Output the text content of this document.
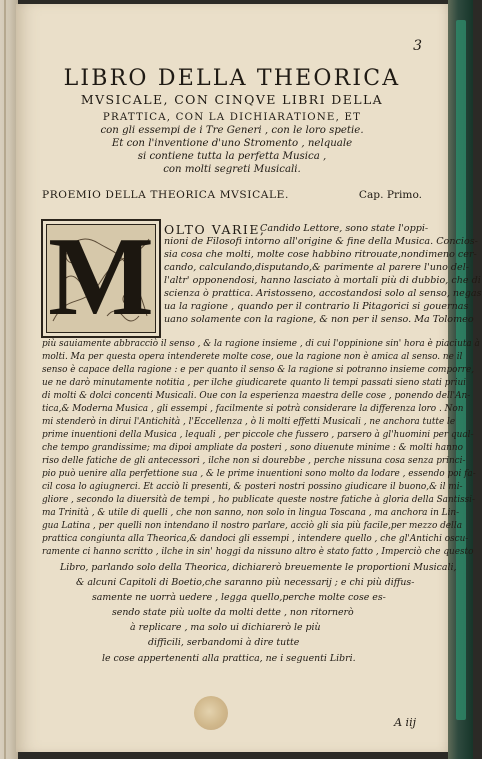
3
LIBRO DELLA THEORICA
MVSICALE, CON CINQVE LIBRI DELLA
PRATTICA, CON LA DICHIARATIONE, ET
con gli essempi de i Tre Generi , con le loro spetie.
Et con l'inventione d'uno Stromento , nelquale
si contiene tutta la perfetta Musica ,
con molti segreti Musicali.
PROEMIO DELLA THEORICA MVSICALE.	Cap. Primo.
M OLTO VARIE,
Candido Lettore, sono state l'oppi-
nioni de Filosofi intorno all'origine & fine della Musica. Concios-
sia cosa che molti, molte cose habbino ritrouate,nondimeno cer-
cando, calculando,disputando,& parimente al parere l'uno del-
l'altr' opponendosi, hanno lasciato à mortali più di dubbio, che di
scienza ò prattica. Aristosseno, accostandosi solo al senso, negas
ua la ragione , quando per il contrario li Pitagorici si gouernas
uano solamente con la ragione, & non per il senso. Ma Tolomeo
più sauiamente abbracciò il senso , & la ragione insieme , di cui l'oppinione sin' hora è piaciuta à
molti. Ma per questa opera intenderete molte cose, oue la ragione non è amica al senso. ne il
senso è capace della ragione : e per quanto il senso & la ragione si potranno insieme comporre,
ue ne darò minutamente notitia , per ilche giudicarete quanto li tempi passati sieno stati priui
di molti & dolci concenti Musicali. Oue con la esperienza maestra delle cose , ponendo dell'An-
tica,& Moderna Musica , gli essempi , facilmente si potrà considerare la differenza loro . Non
mi stenderò in dirui l'Antichità , l'Eccellenza , ò li molti effetti Musicali , ne anchora tutte le
prime inuentioni della Musica , lequali , per piccole che fussero , parsero à gl'huomini per qual-
che tempo grandissime; ma dipoi ampliate da posteri , sono diuenute minime : & molti hanno
riso delle fatiche de gli antecessori , ilche non si dourebbe , perche nissuna cosa senza princi-
pio può uenire alla perfettione sua , & le prime inuentioni sono molto da lodare , essendo poi fa-
cil cosa lo agiugnerci. Et acciò li presenti, & posteri nostri possino giudicare il buono,& il mi-
gliore , secondo la diuersità de tempi , ho publicate queste nostre fatiche à gloria della Santissi-
ma Trinità , & utile di quelli , che non sanno, non solo in lingua Toscana , ma anchora in Lin-
gua Latina , per quelli non intendano il nostro parlare, acciò gli sia più facile,per mezzo della
prattica congiunta alla Theorica,& dandoci gli essempi , intendere quello , che gl'Antichi oscu-
ramente ci hanno scritto , ilche in sin' hoggi da nissuno altro è stato fatto , Imperciò che questo
Libro, parlando solo della Theorica, dichiarerò breuemente le proportioni Musicali,
& alcuni Capitoli di Boetio,che saranno più necessarij ; e chi più diffus-
samente ne uorrà uedere , legga quello,perche molte cose es-
sendo state più uolte da molti dette , non ritornerò
à replicare , ma solo ui dichiarerò le più
difficili, serbandomi à dire tutte
le cose appertenenti alla prattica, ne i seguenti Libri.
A iij
